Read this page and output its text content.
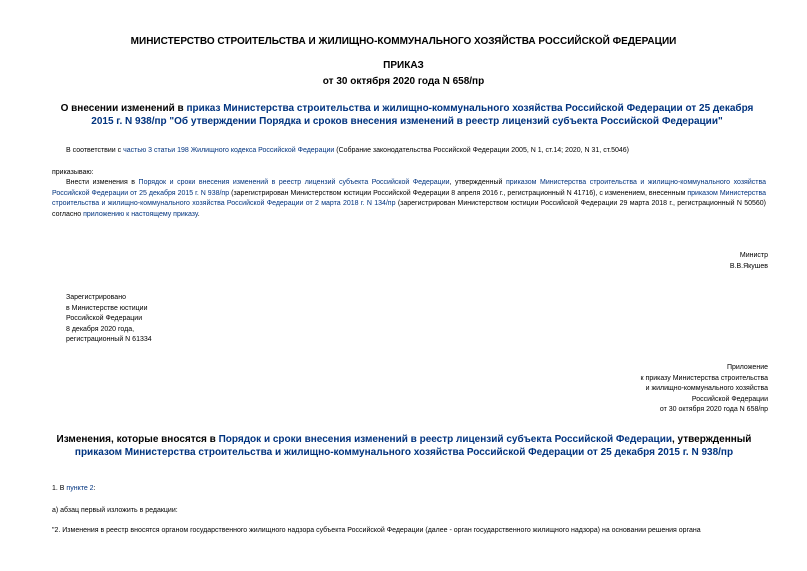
МИНИСТЕРСТВО СТРОИТЕЛЬСТВА И ЖИЛИЩНО-КОММУНАЛЬНОГО ХОЗЯЙСТВА РОССИЙСКОЙ ФЕДЕРАЦИИ
ПРИКАЗ
от 30 октября 2020 года N 658/пр
О внесении изменений в приказ Министерства строительства и жилищно-коммунального хозяйства Российской Федерации от 25 декабря 2015 г. N 938/пр "Об утверждении Порядка и сроков внесения изменений в реестр лицензий субъекта Российской Федерации"
В соответствии с частью 3 статьи 198 Жилищного кодекса Российской Федерации (Собрание законодательства Российской Федерации 2005, N 1, ст.14; 2020, N 31, ст.5046)
приказываю:
Внести изменения в Порядок и сроки внесения изменений в реестр лицензий субъекта Российской Федерации, утвержденный приказом Министерства строительства и жилищно-коммунального хозяйства Российской Федерации от 25 декабря 2015 г. N 938/пр (зарегистрирован Министерством юстиции Российской Федерации 8 апреля 2016 г., регистрационный N 41716), с изменением, внесенным приказом Министерства строительства и жилищно-коммунального хозяйства Российской Федерации от 2 марта 2018 г. N 134/пр (зарегистрирован Министерством юстиции Российской Федерации 29 марта 2018 г., регистрационный N 50560) согласно приложению к настоящему приказу.
Министр
В.В.Якушев
Зарегистрировано
в Министерстве юстиции
Российской Федерации
8 декабря 2020 года,
регистрационный N 61334
Приложение
к приказу Министерства строительства
и жилищно-коммунального хозяйства
Российской Федерации
от 30 октября 2020 года N 658/пр
Изменения, которые вносятся в Порядок и сроки внесения изменений в реестр лицензий субъекта Российской Федерации, утвержденный приказом Министерства строительства и жилищно-коммунального хозяйства Российской Федерации от 25 декабря 2015 г. N 938/пр
1. В пункте 2:
а) абзац первый изложить в редакции:
"2. Изменения в реестр вносятся органом государственного жилищного надзора субъекта Российской Федерации (далее - орган государственного жилищного надзора) на основании решения органа
